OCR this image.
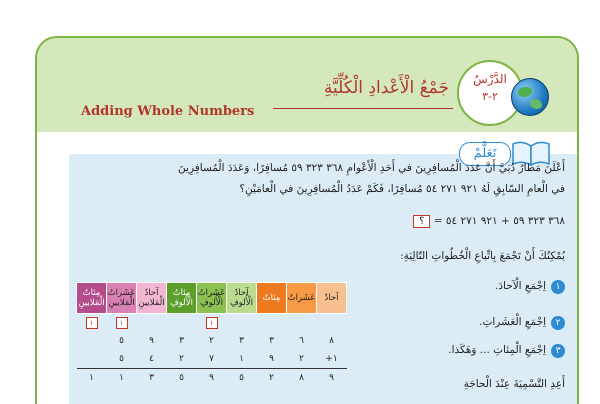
Adding Whole Numbers
جَمْعُ الْأَعْدادِ الْكُلِّيَّةِ	الدَّرْسُ
٢-٣
تَعَلَّمْ
أَعْلَنَ مَطارُ دُبَيَّ أَنَّ عَدَدَ الْمُسافِرِينَ في أَحَدِ الْأَعْوامِ ٣٦٨ ٣٢٣ ٥٩ مُسافِرًا، وَعَدَدَ الْمُسافِرِينَ
في الْعامِ السّابِقِ لَهُ ٩٢١ ٢٧١ ٥٤ مُسافِرًا، فَكَمْ عَدَدُ الْمُسافِرِينَ في الْعامَيْنِ؟
٣٦٨ ٣٢٣ ٥٩ + ٩٢١ ٢٧١ ٥٤ = ؟
يُمْكِنُكَ أَنْ تَجْمَعَ بِاتِّباعِ الْخُطُواتِ التّالِيَةِ:
١اِجْمَعِ الْآحادَ.
٢اِجْمَعِ الْعَشَراتِ.
٣اِجْمَعِ الْمِئاتِ ... وَهَكَذا.
أَعِدِ التَّسْمِيَةَ عِنْدَ الْحاجَةِ
آحادٌ	عَشَراتٌ	مِئاتٌ	آحادُ الْأُلوفِ	عَشَراتُ الْأُلوفِ	مِئاتُ الْأُلوفِ	آحادُ الْمَلايينِ	عَشَراتُ الْمَلايينِ	مِئاتُ الْمَلايينِ
				١			١	١
٨	٦	٣	٣	٢	٣	٩	٥	
١+	٢	٩	١	٧	٢	٤	٥	
٩	٨	٢	٥	٩	٥	٣	١	١
